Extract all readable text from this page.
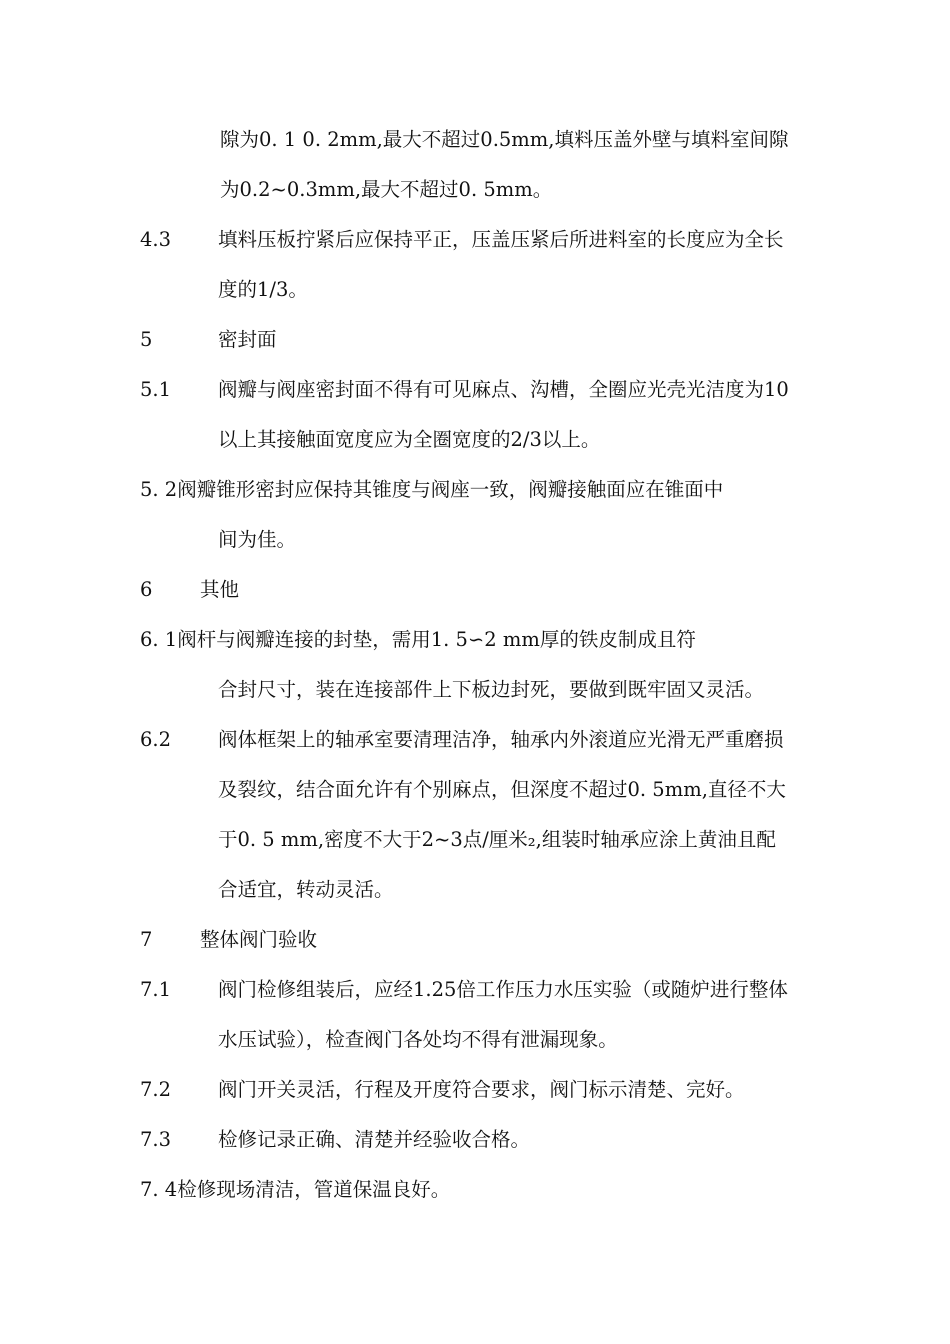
隙为0. 1 0. 2mm,最大不超过0.5mm,填料压盖外壁与填料室间隙
为0.2~0.3mm,最大不超过0. 5mm。
4.3 填料压板拧紧后应保持平正，压盖压紧后所进料室的长度应为全长
度的1/3。
5	密封面
5.1 阀瓣与阀座密封面不得有可见麻点、沟槽，全圈应光壳光洁度为10
以上其接触面宽度应为全圈宽度的2/3以上。
5. 2阀瓣锥形密封应保持其锥度与阀座一致，阀瓣接触面应在锥面中
间为佳。
6 其他
6. 1阀杆与阀瓣连接的封垫，需用1. 5∽2 mm厚的铁皮制成且符
合封尺寸，装在连接部件上下板边封死，要做到既牢固又灵活。
6.2 阀体框架上的轴承室要清理洁净，轴承内外滚道应光滑无严重磨损
及裂纹，结合面允许有个别麻点，但深度不超过0. 5mm,直径不大
于0. 5 mm,密度不大于2~3点/厘米₂,组装时轴承应涂上黄油且配
合适宜，转动灵活。
7 整体阀门验收
7.1 阀门检修组装后，应经1.25倍工作压力水压实验（或随炉进行整体
水压试验），检查阀门各处均不得有泄漏现象。
7.2 阀门开关灵活，行程及开度符合要求，阀门标示清楚、完好。
7.3 检修记录正确、清楚并经验收合格。
7. 4检修现场清洁，管道保温良好。
